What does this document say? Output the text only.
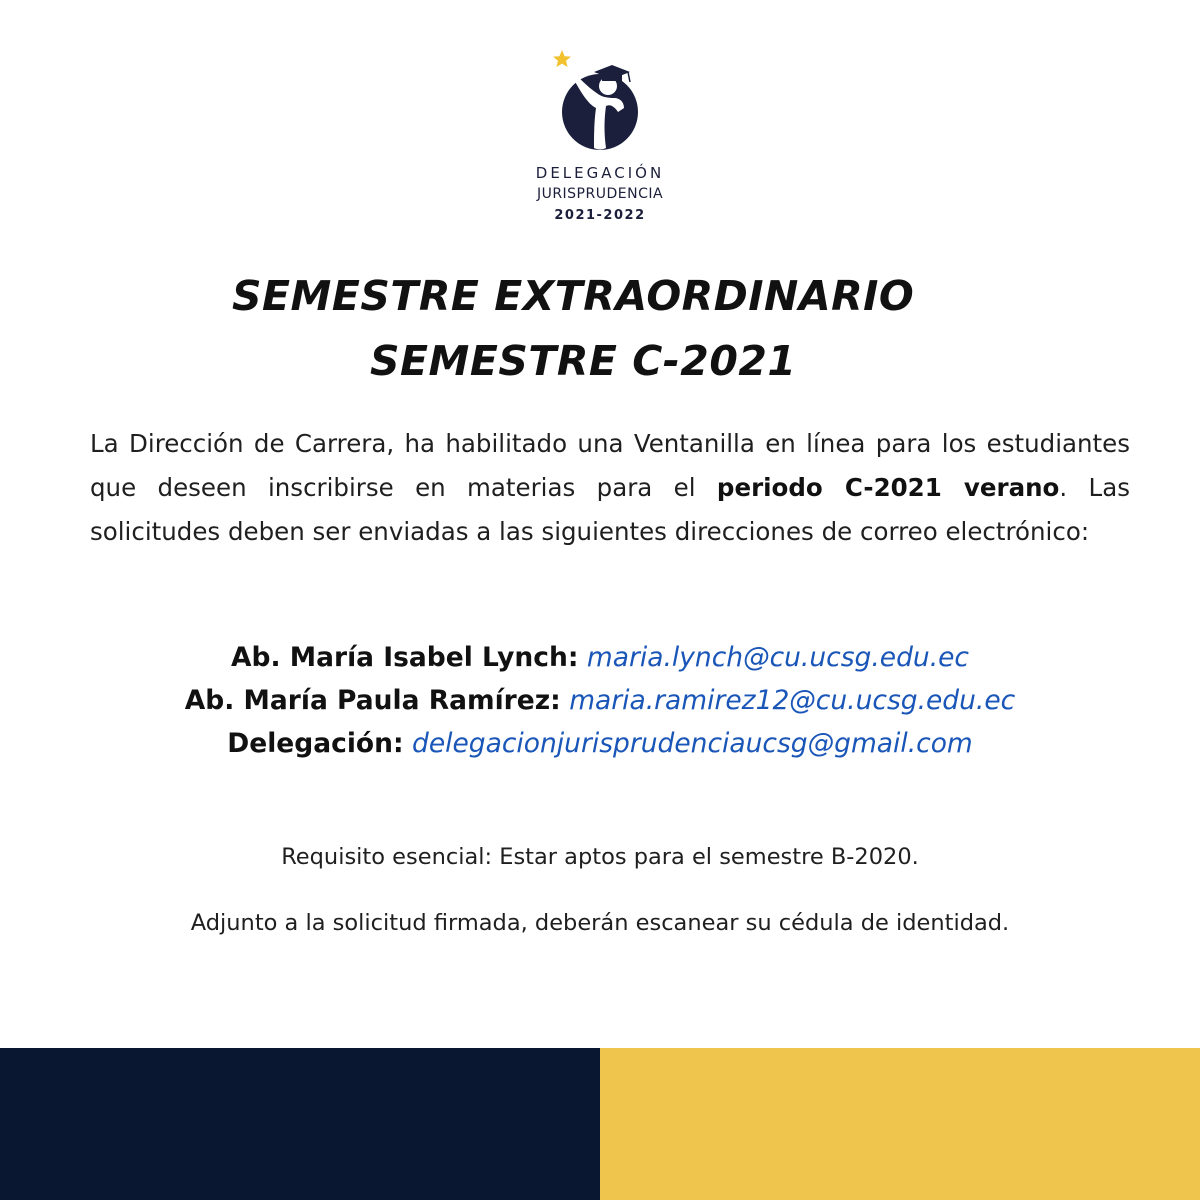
DELEGACIÓN
JURISPRUDENCIA
2021-2022
SEMESTRE EXTRAORDINARIO
SEMESTRE C-2021
La Dirección de Carrera, ha habilitado una Ventanilla en línea para los estudiantes que deseen inscribirse en materias para el periodo C-2021 verano. Las solicitudes deben ser enviadas a las siguientes direcciones de correo electrónico:
Ab. María Isabel Lynch: maria.lynch@cu.ucsg.edu.ec
Ab. María Paula Ramírez: maria.ramirez12@cu.ucsg.edu.ec
Delegación: delegacionjurisprudenciaucsg@gmail.com
Requisito esencial: Estar aptos para el semestre B-2020.
Adjunto a la solicitud firmada, deberán escanear su cédula de identidad.
